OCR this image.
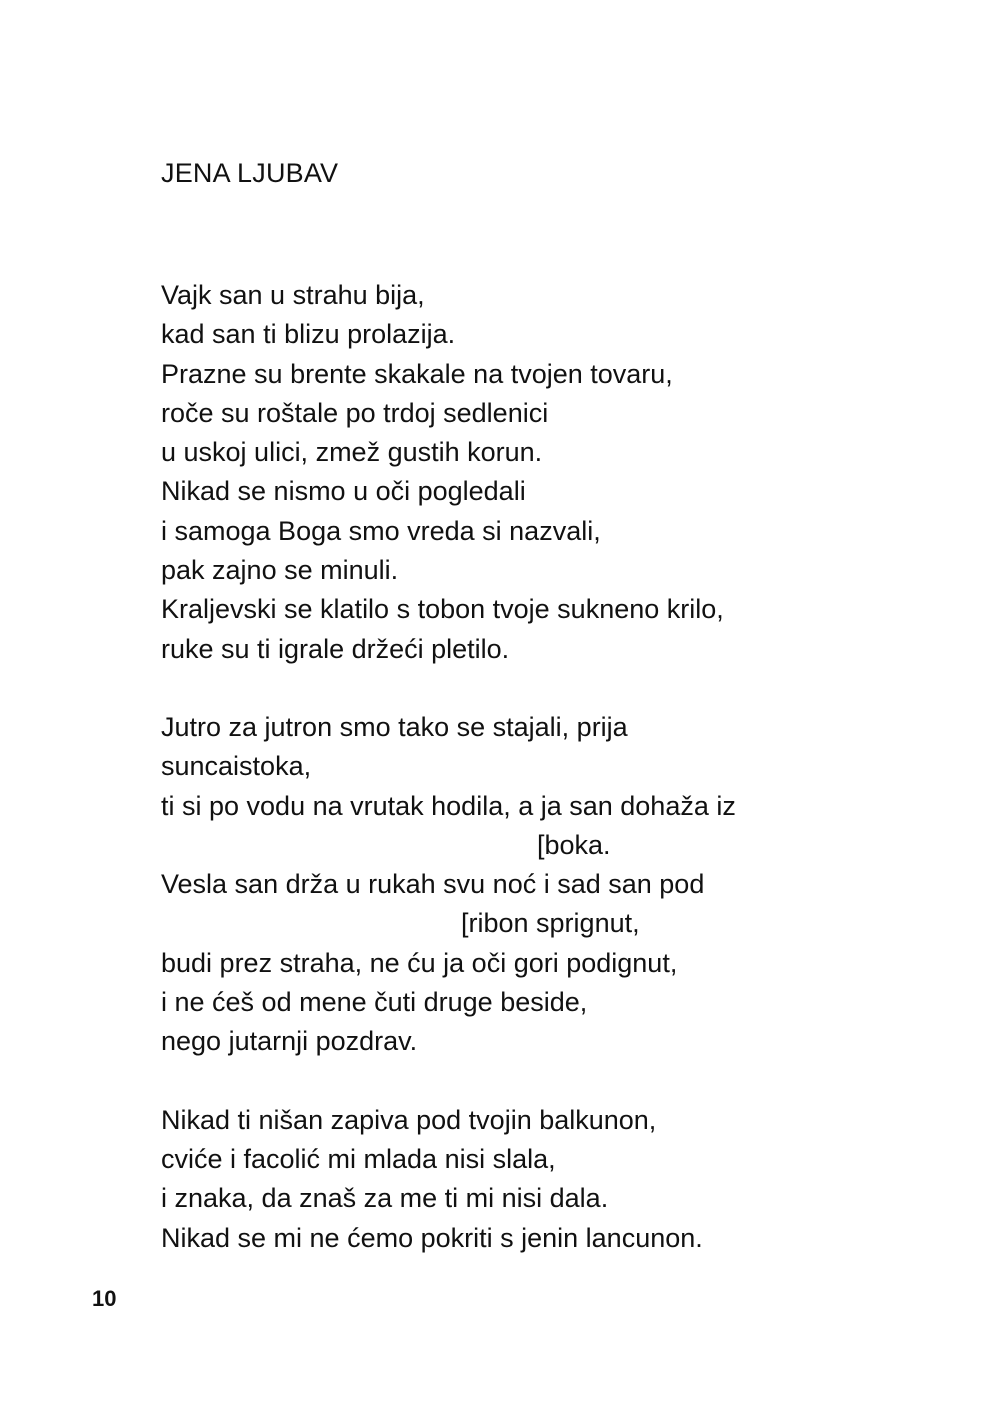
JENA LJUBAV
Vajk san u strahu bija,
kad san ti blizu prolazija.
Prazne su brente skakale na tvojen tovaru,
roče su roštale po trdoj sedlenici
u uskoj ulici, zmež gustih korun.
Nikad se nismo u oči pogledali
i samoga Boga smo vreda si nazvali,
pak zajno se minuli.
Kraljevski se klatilo s tobon tvoje sukneno krilo,
ruke su ti igrale držeći pletilo.
Jutro za jutron smo tako se stajali, prija
suncaistoka,
ti si po vodu na vrutak hodila, a ja san dohaža iz
[boka.
Vesla san drža u rukah svu noć i sad san pod
[ribon sprignut,
budi prez straha, ne ću ja oči gori podignut,
i ne ćeš od mene čuti druge beside,
nego jutarnji pozdrav.
Nikad ti nišan zapiva pod tvojin balkunon,
cviće i facolić mi mlada nisi slala,
i znaka, da znaš za me ti mi nisi dala.
Nikad se mi ne ćemo pokriti s jenin lancunon.
10
